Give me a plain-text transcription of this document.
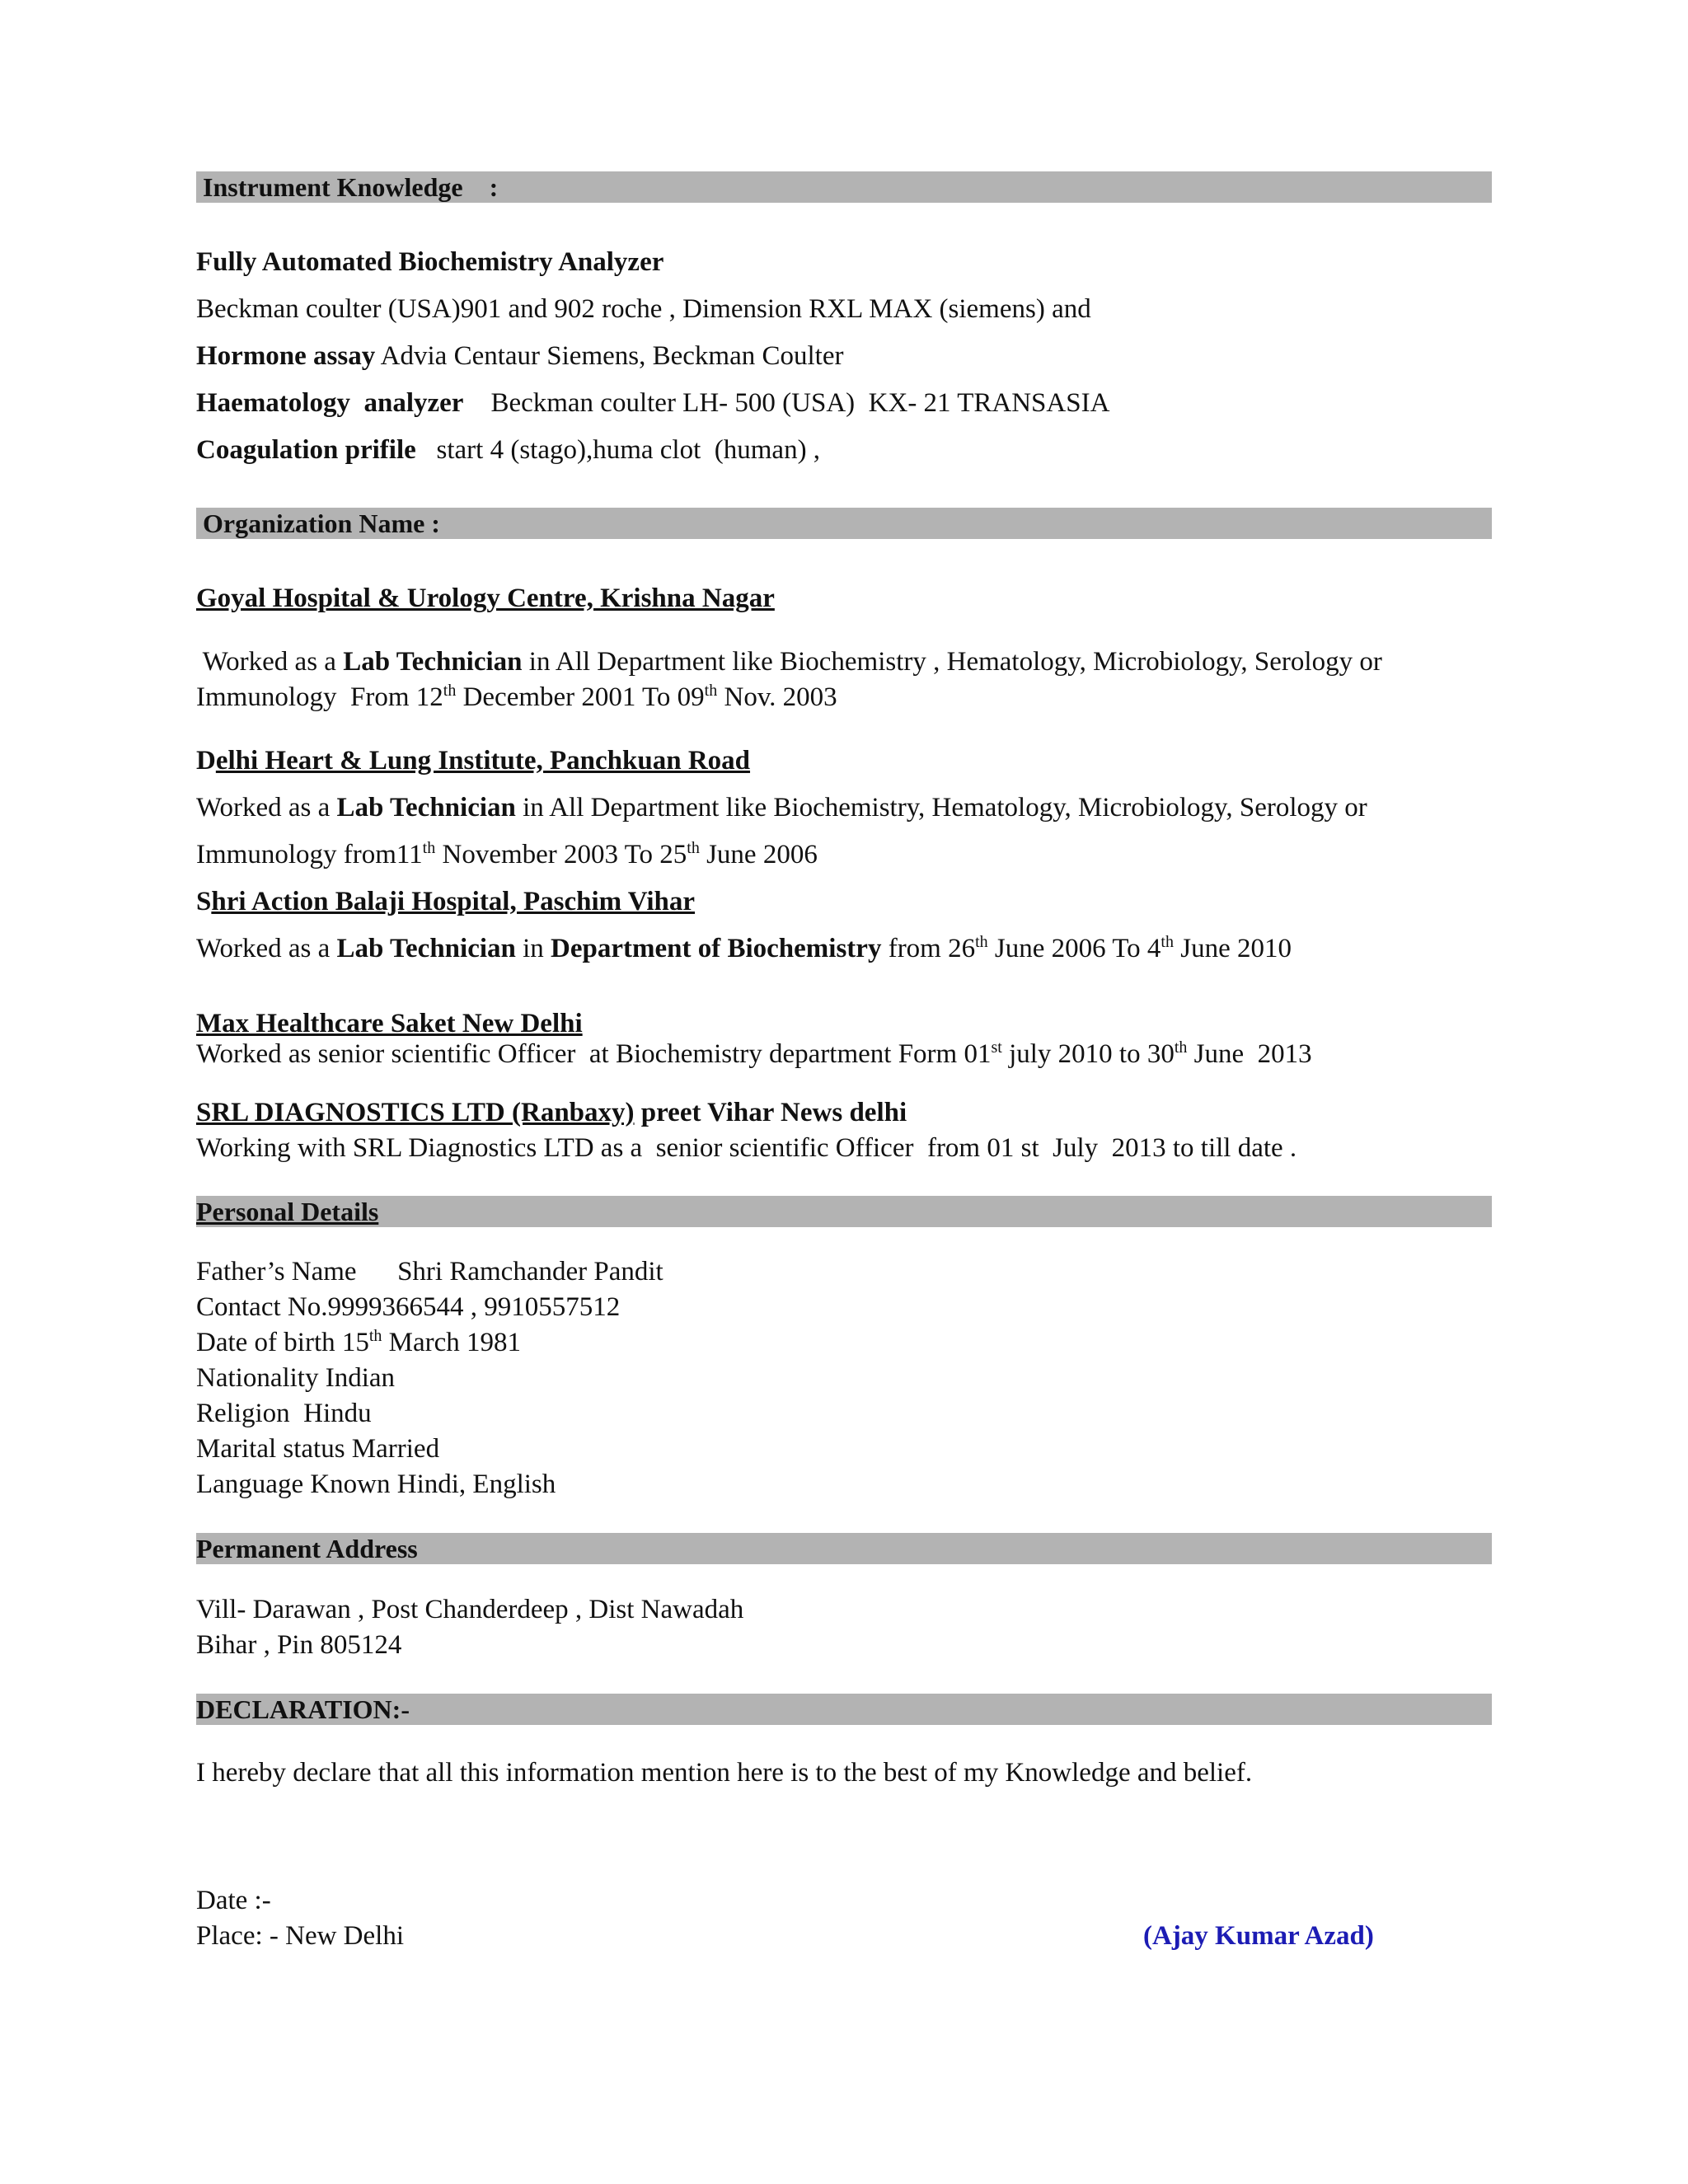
Instrument Knowledge    :
Fully Automated Biochemistry Analyzer
Beckman coulter (USA)901 and 902 roche , Dimension RXL MAX (siemens) and
Hormone assay Advia Centaur Siemens, Beckman Coulter
Haematology  analyzer    Beckman coulter LH- 500 (USA)  KX- 21 TRANSASIA
Coagulation prifile   start 4 (stago),huma clot  (human) ,
Organization Name :
Goyal Hospital & Urology Centre, Krishna Nagar
Worked as a Lab Technician in All Department like Biochemistry , Hematology, Microbiology, Serology or
Immunology  From 12th December 2001 To 09th Nov. 2003
Delhi Heart & Lung Institute, Panchkuan Road
Worked as a Lab Technician in All Department like Biochemistry, Hematology, Microbiology, Serology or
Immunology from11th November 2003 To 25th June 2006
Shri Action Balaji Hospital, Paschim Vihar
Worked as a Lab Technician in Department of Biochemistry from 26th June 2006 To 4th June 2010
Max Healthcare Saket New Delhi
Worked as senior scientific Officer  at Biochemistry department Form 01st july 2010 to 30th June  2013
SRL DIAGNOSTICS LTD (Ranbaxy) preet Vihar News delhi
Working with SRL Diagnostics LTD as a  senior scientific Officer  from 01 st  July  2013 to till date .
Personal Details
Father’s Name      Shri Ramchander Pandit
Contact No.9999366544 , 9910557512
Date of birth 15th March 1981
Nationality Indian
Religion  Hindu
Marital status Married
Language Known Hindi, English
Permanent Address
Vill- Darawan , Post Chanderdeep , Dist Nawadah
Bihar , Pin 805124
DECLARATION:-
I hereby declare that all this information mention here is to the best of my Knowledge and belief.
Date :-
Place: - New Delhi	(Ajay Kumar Azad)
